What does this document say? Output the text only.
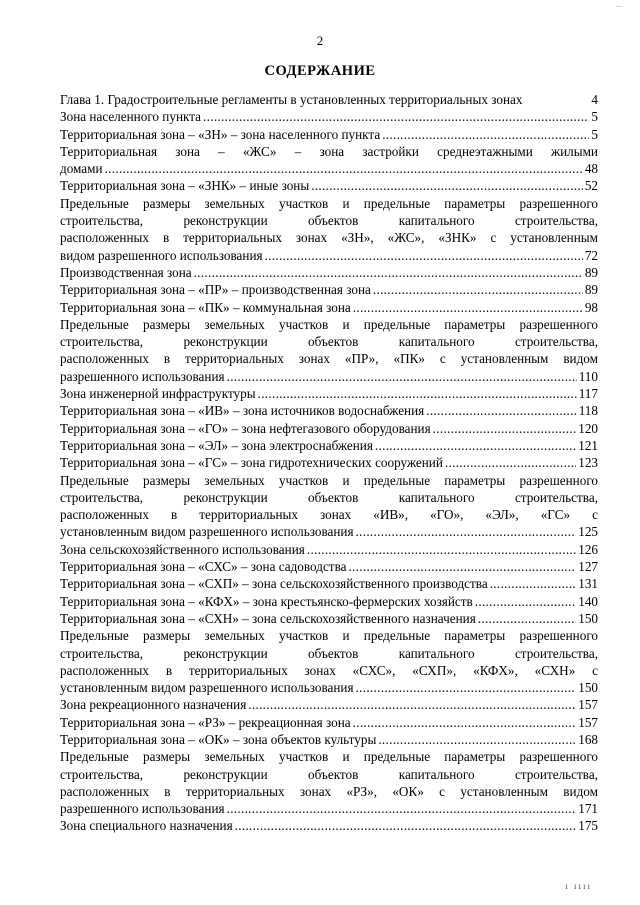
...
2
СОДЕРЖАНИЕ
Глава 1. Градостроительные регламенты в установленных территориальных зонах	4
Зона населенного пункта .....	5
Территориальная зона – «ЗН» – зона населенного пункта .....	5
Территориальная зона – «ЖС» – зона застройки среднеэтажными жилыми
домами .....	48
Территориальная зона – «ЗНК» – иные зоны .....	52
Предельные размеры земельных участков и предельные параметры разрешенного
строительства, реконструкции объектов капитального строительства,
расположенных в территориальных зонах «ЗН», «ЖС», «ЗНК» с установленным
видом разрешенного использования .....	72
Производственная зона .....	89
Территориальная зона – «ПР» – производственная зона .....	89
Территориальная зона – «ПК» – коммунальная зона .....	98
Предельные размеры земельных участков и предельные параметры разрешенного
строительства, реконструкции объектов капитального строительства,
расположенных в территориальных зонах «ПР», «ПК» с установленным видом
разрешенного использования .....	110
Зона инженерной инфраструктуры .....	117
Территориальная зона – «ИВ» – зона источников водоснабжения .....	118
Территориальная зона – «ГО» – зона нефтегазового оборудования .....	120
Территориальная зона – «ЭЛ» – зона электроснабжения .....	121
Территориальная зона – «ГС» – зона гидротехнических сооружений .....	123
Предельные размеры земельных участков и предельные параметры разрешенного
строительства, реконструкции объектов капитального строительства,
расположенных в территориальных зонах «ИВ», «ГО», «ЭЛ», «ГС» с
установленным видом разрешенного использования .....	125
Зона сельскохозяйственного использования .....	126
Территориальная зона – «СХС» – зона садоводства .....	127
Территориальная зона – «СХП» – зона сельскохозяйственного производства .....	131
Территориальная зона – «КФХ» – зона крестьянско-фермерских хозяйств .....	140
Территориальная зона – «СХН» – зона сельскохозяйственного назначения .....	150
Предельные размеры земельных участков и предельные параметры разрешенного
строительства, реконструкции объектов капитального строительства,
расположенных в территориальных зонах «СХС», «СХП», «КФХ», «СХН» с
установленным видом разрешенного использования .....	150
Зона рекреационного назначения .....	157
Территориальная зона – «РЗ» – рекреационная зона .....	157
Территориальная зона – «ОК» – зона объектов культуры .....	168
Предельные размеры земельных участков и предельные параметры разрешенного
строительства, реконструкции объектов капитального строительства,
расположенных в территориальных зонах «РЗ», «ОК» с установленным видом
разрешенного использования .....	171
Зона специального назначения .....	175
ı ıııı
